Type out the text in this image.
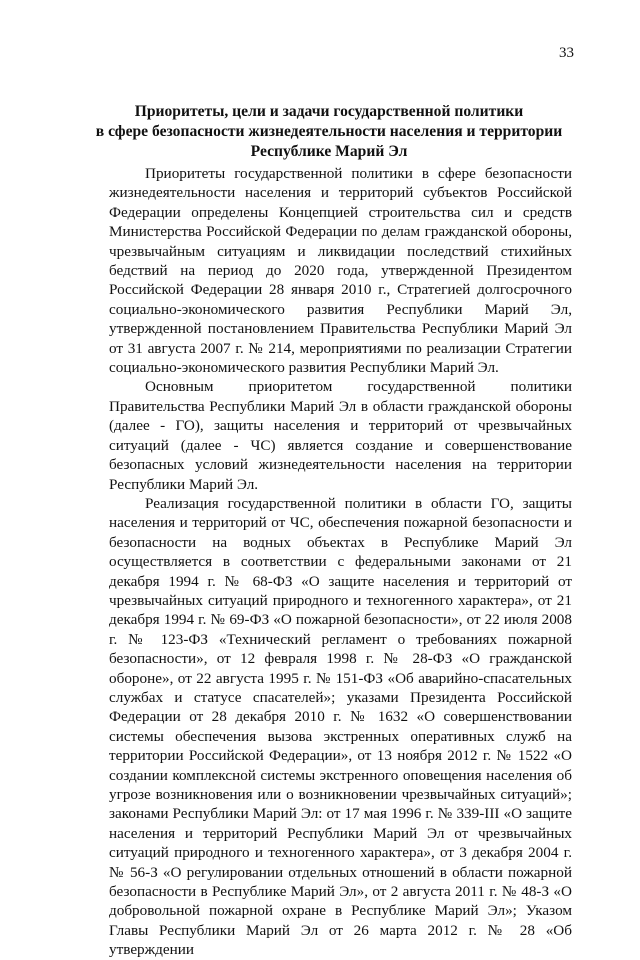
33
Приоритеты, цели и задачи государственной политики
в сфере безопасности жизнедеятельности населения и территории
Республике Марий Эл

Приоритеты государственной политики в сфере безопасности жизнедеятельности населения и территорий субъектов Российской Федерации определены Концепцией строительства сил и средств Министерства Российской Федерации по делам гражданской обороны, чрезвычайным ситуациям и ликвидации последствий стихийных бедствий на период до 2020 года, утвержденной Президентом Российской Федерации 28 января 2010 г., Стратегией долгосрочного социально-экономического развития Республики Марий Эл, утвержденной постановлением Правительства Республики Марий Эл от 31 августа 2007 г. № 214, мероприятиями по реализации Стратегии социально-экономического развития Республики Марий Эл.

Основным приоритетом государственной политики Правительства Республики Марий Эл в области гражданской обороны (далее - ГО), защиты населения и территорий от чрезвычайных ситуаций (далее - ЧС) является создание и совершенствование безопасных условий жизнедеятельности населения на территории Республики Марий Эл.

Реализация государственной политики в области ГО, защиты населения и территорий от ЧС, обеспечения пожарной безопасности и безопасности на водных объектах в Республике Марий Эл осуществляется в соответствии с федеральными законами от 21 декабря 1994 г. № 68-ФЗ «О защите населения и территорий от чрезвычайных ситуаций природного и техногенного характера», от 21 декабря 1994 г. № 69-ФЗ «О пожарной безопасности», от 22 июля 2008 г. № 123-ФЗ «Технический регламент о требованиях пожарной безопасности», от 12 февраля 1998 г. № 28-ФЗ «О гражданской обороне», от 22 августа 1995 г. № 151-ФЗ «Об аварийно-спасательных службах и статусе спасателей»; указами Президента Российской Федерации от 28 декабря 2010 г. № 1632 «О совершенствовании системы обеспечения вызова экстренных оперативных служб на территории Российской Федерации», от 13 ноября 2012 г. № 1522 «О создании комплексной системы экстренного оповещения населения об угрозе возникновения или о возникновении чрезвычайных ситуаций»; законами Республики Марий Эл: от 17 мая 1996 г. № 339-III «О защите населения и территорий Республики Марий Эл от чрезвычайных ситуаций природного и техногенного характера», от 3 декабря 2004 г. № 56-З «О регулировании отдельных отношений в области пожарной безопасности в Республике Марий Эл», от 2 августа 2011 г. № 48-З «О добровольной пожарной охране в Республике Марий Эл»; Указом Главы Республики Марий Эл от 26 марта 2012 г. № 28 «Об утверждении
